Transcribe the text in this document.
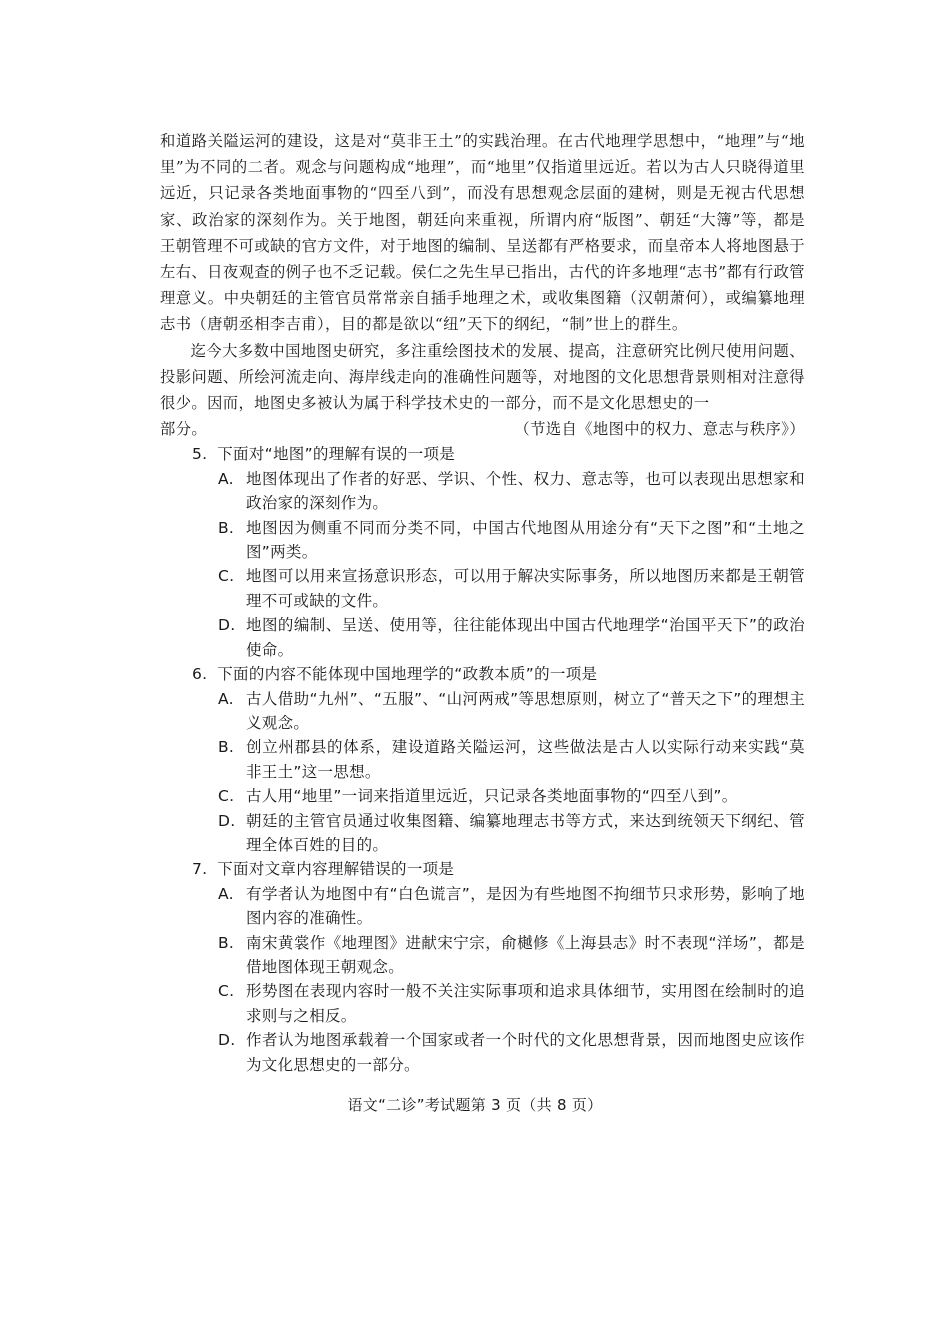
和道路关隘运河的建设，这是对“莫非王土”的实践治理。在古代地理学思想中，“地理”与“地里”为不同的二者。观念与问题构成“地理”，而“地里”仅指道里远近。若以为古人只晓得道里远近，只记录各类地面事物的“四至八到”，而没有思想观念层面的建树，则是无视古代思想家、政治家的深刻作为。关于地图，朝廷向来重视，所谓内府“版图”、朝廷“大簿”等，都是王朝管理不可或缺的官方文件，对于地图的编制、呈送都有严格要求，而皇帝本人将地图悬于左右、日夜观查的例子也不乏记载。侯仁之先生早已指出，古代的许多地理“志书”都有行政管理意义。中央朝廷的主管官员常常亲自插手地理之术，或收集图籍（汉朝萧何），或编纂地理志书（唐朝丞相李吉甫），目的都是欲以“纽”天下的纲纪，“制”世上的群生。

迄今大多数中国地图史研究，多注重绘图技术的发展、提高，注意研究比例尺使用问题、投影问题、所绘河流走向、海岸线走向的准确性问题等，对地图的文化思想背景则相对注意得很少。因而，地图史多被认为属于科学技术史的一部分，而不是文化思想史的一

部分。	（节选自《地图中的权力、意志与秩序》）
5. 下面对“地图”的理解有误的一项是
A. 地图体现出了作者的好恶、学识、个性、权力、意志等，也可以表现出思想家和政治家的深刻作为。
B. 地图因为侧重不同而分类不同，中国古代地图从用途分有“天下之图”和“土地之图”两类。
C. 地图可以用来宣扬意识形态，可以用于解决实际事务，所以地图历来都是王朝管理不可或缺的文件。
D. 地图的编制、呈送、使用等，往往能体现出中国古代地理学“治国平天下”的政治使命。
6. 下面的内容不能体现中国地理学的“政教本质”的一项是
A. 古人借助“九州”、“五服”、“山河两戒”等思想原则，树立了“普天之下”的理想主义观念。
B. 创立州郡县的体系，建设道路关隘运河，这些做法是古人以实际行动来实践“莫非王土”这一思想。
C. 古人用“地里”一词来指道里远近，只记录各类地面事物的“四至八到”。
D. 朝廷的主管官员通过收集图籍、编纂地理志书等方式，来达到统领天下纲纪、管理全体百姓的目的。
7. 下面对文章内容理解错误的一项是
A. 有学者认为地图中有“白色谎言”，是因为有些地图不拘细节只求形势，影响了地图内容的准确性。
B. 南宋黄裳作《地理图》进献宋宁宗，俞樾修《上海县志》时不表现“洋场”，都是借地图体现王朝观念。
C. 形势图在表现内容时一般不关注实际事项和追求具体细节，实用图在绘制时的追求则与之相反。
D. 作者认为地图承载着一个国家或者一个时代的文化思想背景，因而地图史应该作为文化思想史的一部分。
语文“二诊”考试题第 3 页（共 8 页）
